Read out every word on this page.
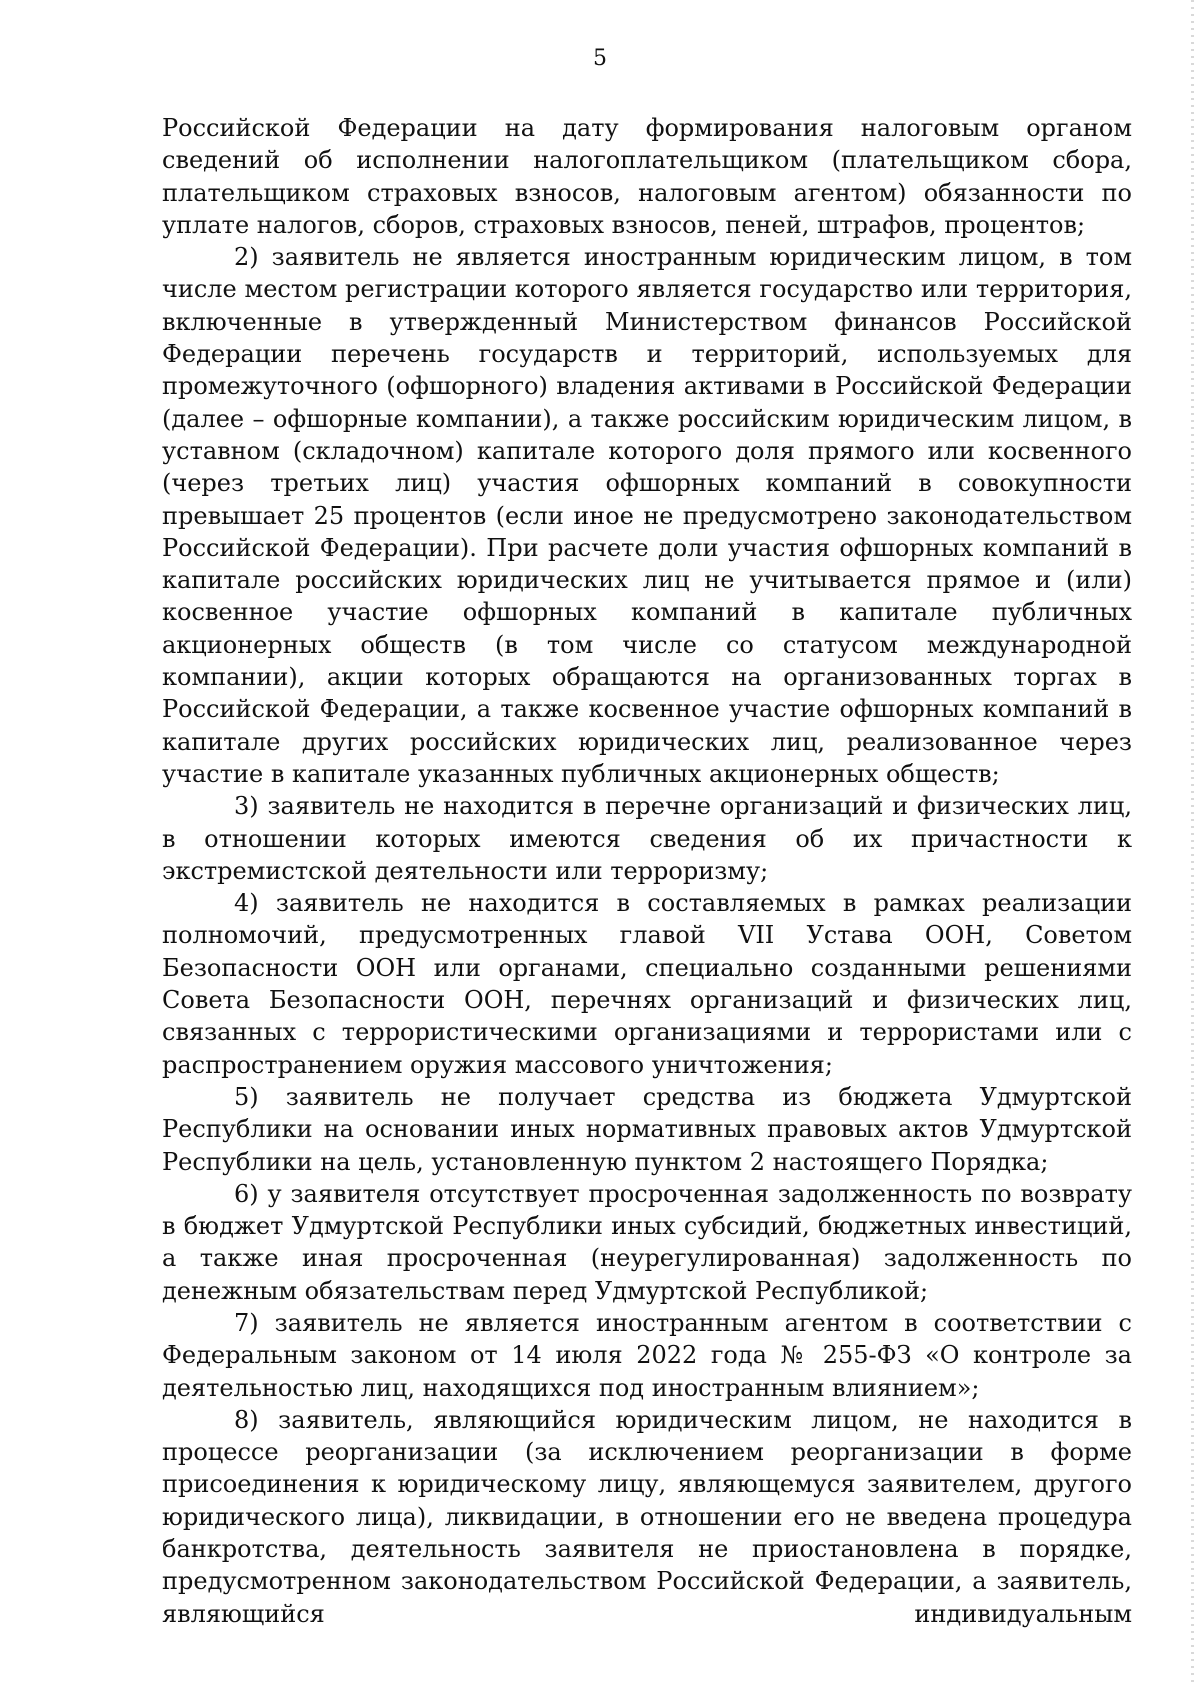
5

Российской Федерации на дату формирования налоговым органом сведений об исполнении налогоплательщиком (плательщиком сбора, плательщиком страховых взносов, налоговым агентом) обязанности по уплате налогов, сборов, страховых взносов, пеней, штрафов, процентов;

2) заявитель не является иностранным юридическим лицом, в том числе местом регистрации которого является государство или территория, включенные в утвержденный Министерством финансов Российской Федерации перечень государств и территорий, используемых для промежуточного (офшорного) владения активами в Российской Федерации (далее – офшорные компании), а также российским юридическим лицом, в уставном (складочном) капитале которого доля прямого или косвенного (через третьих лиц) участия офшорных компаний в совокупности превышает 25 процентов (если иное не предусмотрено законодательством Российской Федерации). При расчете доли участия офшорных компаний в капитале российских юридических лиц не учитывается прямое и (или) косвенное участие офшорных компаний в капитале публичных акционерных обществ (в том числе со статусом международной компании), акции которых обращаются на организованных торгах в Российской Федерации, а также косвенное участие офшорных компаний в капитале других российских юридических лиц, реализованное через участие в капитале указанных публичных акционерных обществ;

3) заявитель не находится в перечне организаций и физических лиц, в отношении которых имеются сведения об их причастности к экстремистской деятельности или терроризму;

4) заявитель не находится в составляемых в рамках реализации полномочий, предусмотренных главой VII Устава ООН, Советом Безопасности ООН или органами, специально созданными решениями Совета Безопасности ООН, перечнях организаций и физических лиц, связанных с террористическими организациями и террористами или с распространением оружия массового уничтожения;

5) заявитель не получает средства из бюджета Удмуртской Республики на основании иных нормативных правовых актов Удмуртской Республики на цель, установленную пунктом 2 настоящего Порядка;

6) у заявителя отсутствует просроченная задолженность по возврату в бюджет Удмуртской Республики иных субсидий, бюджетных инвестиций, а также иная просроченная (неурегулированная) задолженность по денежным обязательствам перед Удмуртской Республикой;

7) заявитель не является иностранным агентом в соответствии с Федеральным законом от 14 июля 2022 года № 255-ФЗ «О контроле за деятельностью лиц, находящихся под иностранным влиянием»;

8) заявитель, являющийся юридическим лицом, не находится в процессе реорганизации (за исключением реорганизации в форме присоединения к юридическому лицу, являющемуся заявителем, другого юридического лица), ликвидации, в отношении его не введена процедура банкротства, деятельность заявителя не приостановлена в порядке, предусмотренном законодательством Российской Федерации, а заявитель, являющийся индивидуальным
